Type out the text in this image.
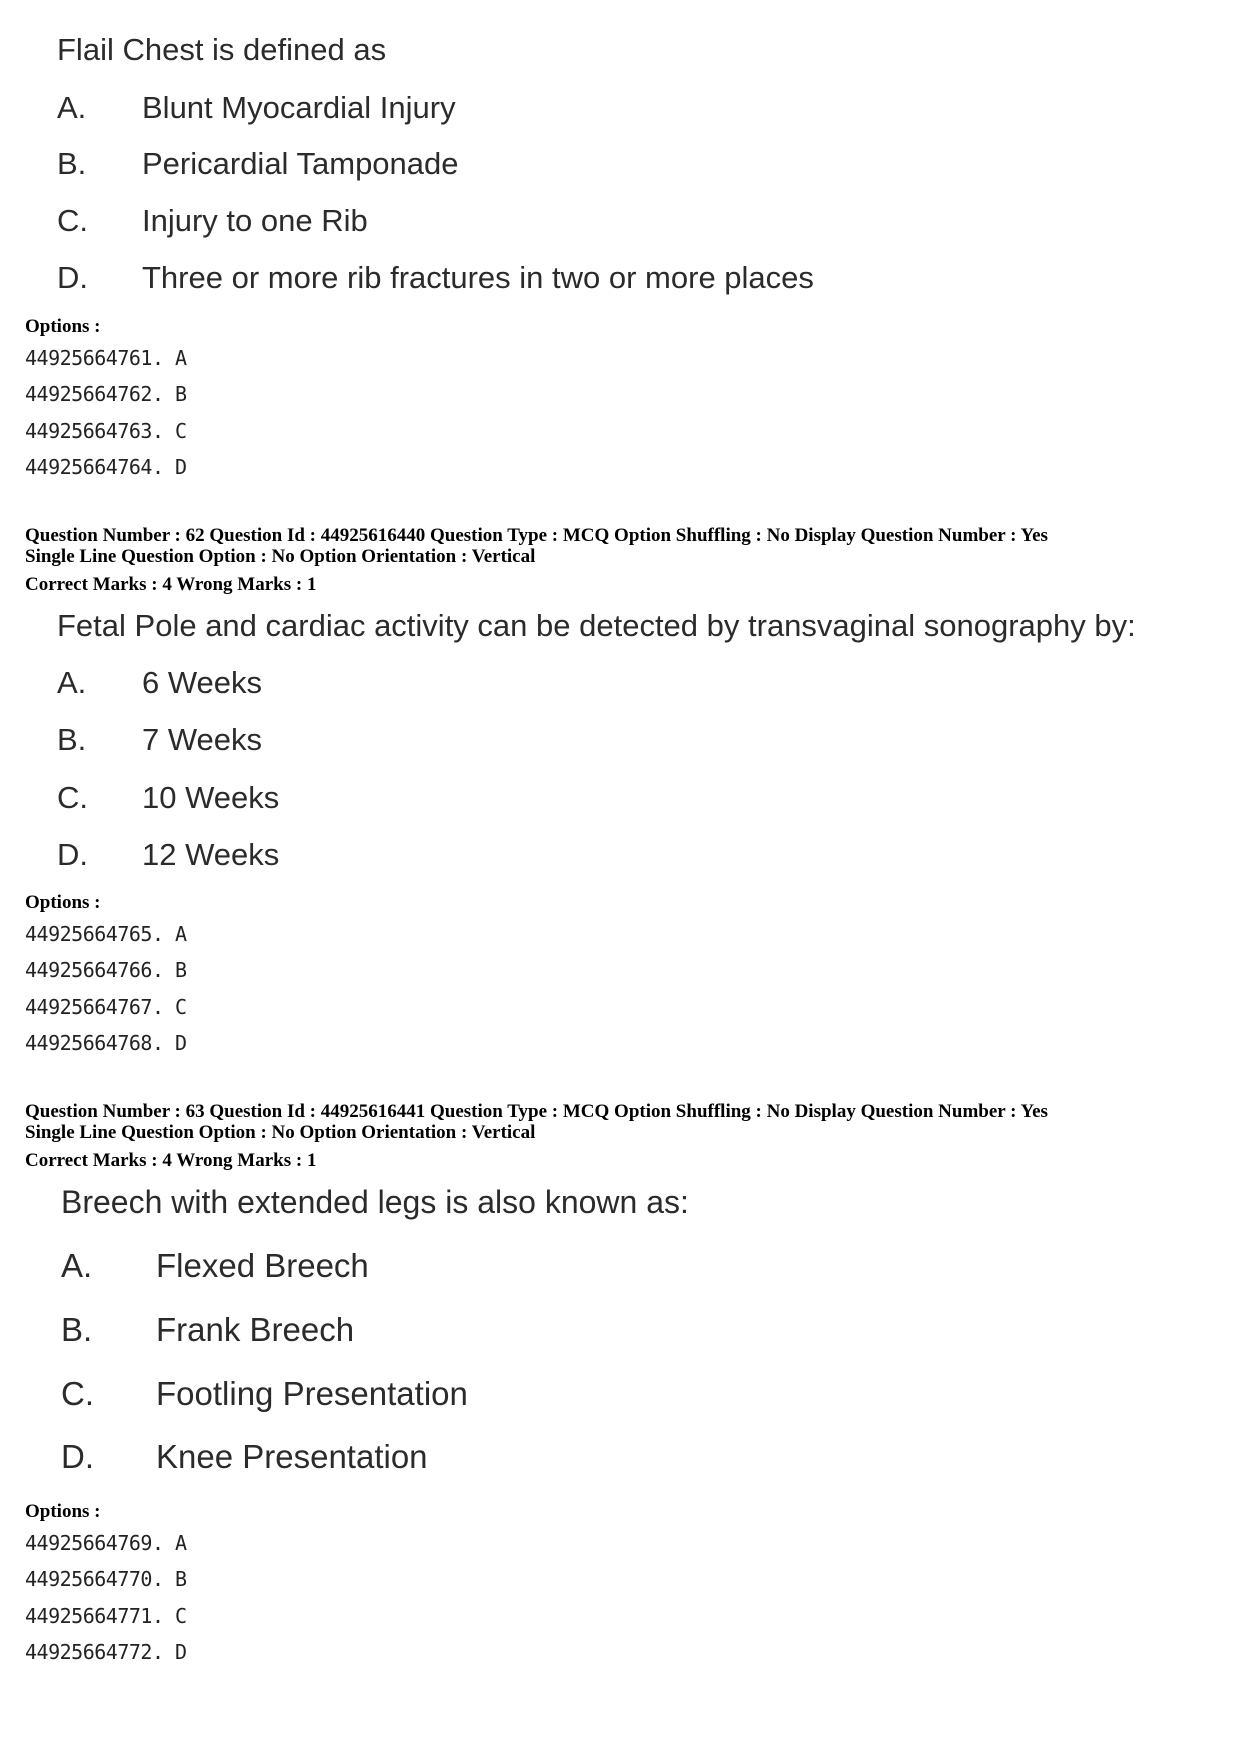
Flail Chest is defined as
A. Blunt Myocardial Injury
B. Pericardial Tamponade
C. Injury to one Rib
D. Three or more rib fractures in two or more places
Options :
44925664761. A
44925664762. B
44925664763. C
44925664764. D
Question Number : 62 Question Id : 44925616440 Question Type : MCQ Option Shuffling : No Display Question Number : Yes
Single Line Question Option : No Option Orientation : Vertical
Correct Marks : 4 Wrong Marks : 1
Fetal Pole and cardiac activity can be detected by transvaginal sonography by:
A. 6 Weeks
B. 7 Weeks
C. 10 Weeks
D. 12 Weeks
Options :
44925664765. A
44925664766. B
44925664767. C
44925664768. D
Question Number : 63 Question Id : 44925616441 Question Type : MCQ Option Shuffling : No Display Question Number : Yes
Single Line Question Option : No Option Orientation : Vertical
Correct Marks : 4 Wrong Marks : 1
Breech with extended legs is also known as:
A. Flexed Breech
B. Frank Breech
C. Footling Presentation
D. Knee Presentation
Options :
44925664769. A
44925664770. B
44925664771. C
44925664772. D
